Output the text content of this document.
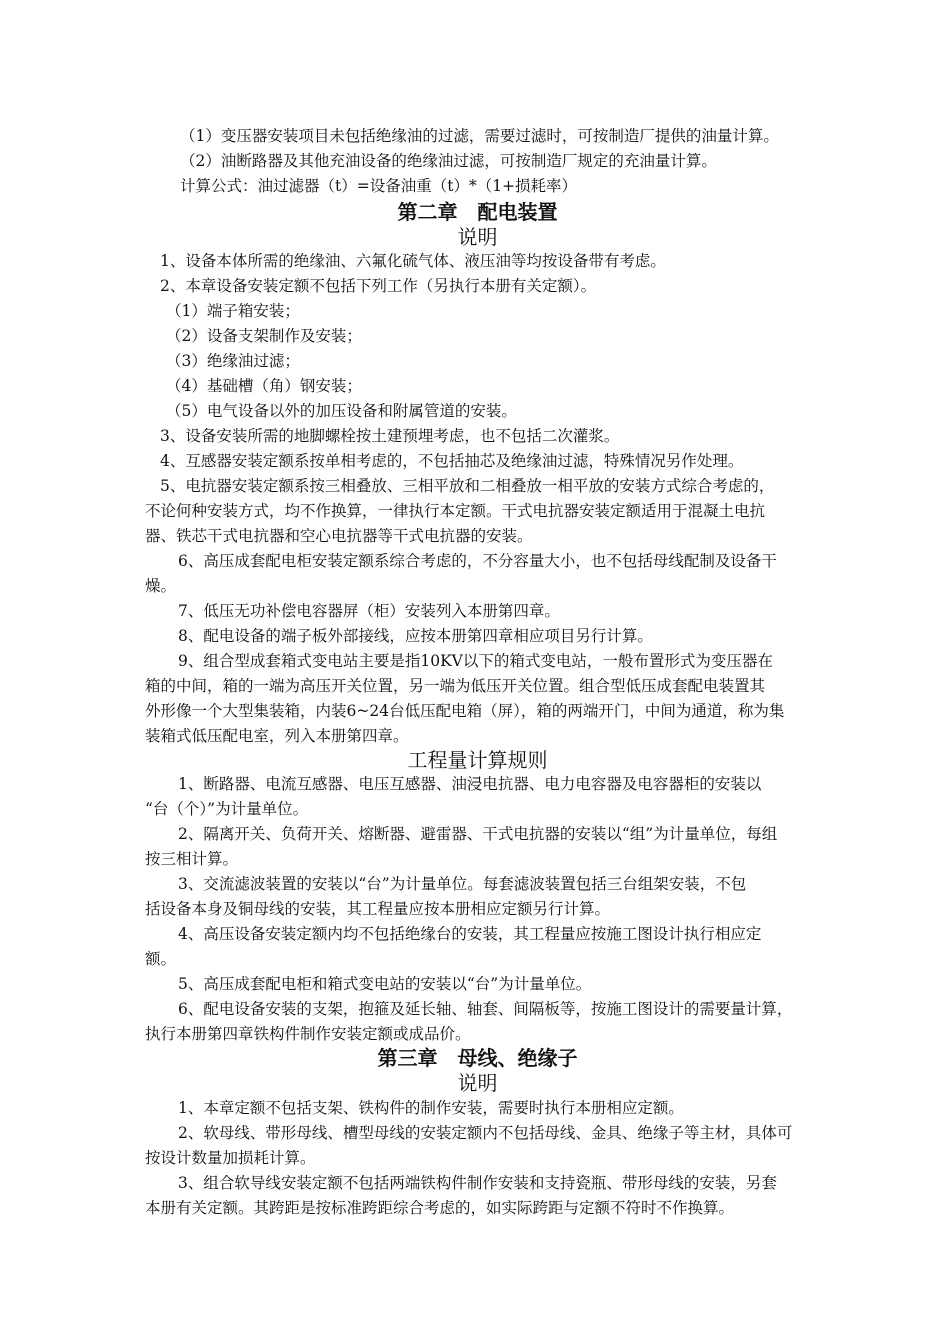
（1）变压器安装项目未包括绝缘油的过滤，需要过滤时，可按制造厂提供的油量计算。
（2）油断路器及其他充油设备的绝缘油过滤，可按制造厂规定的充油量计算。
计算公式：油过滤器（t）=设备油重（t）*（1+损耗率）
第二章　配电装置
说明
1、设备本体所需的绝缘油、六氟化硫气体、液压油等均按设备带有考虑。
2、本章设备安装定额不包括下列工作（另执行本册有关定额）。
（1）端子箱安装；
（2）设备支架制作及安装；
（3）绝缘油过滤；
（4）基础槽（角）钢安装；
（5）电气设备以外的加压设备和附属管道的安装。
3、设备安装所需的地脚螺栓按土建预埋考虑，也不包括二次灌浆。
4、互感器安装定额系按单相考虑的，不包括抽芯及绝缘油过滤，特殊情况另作处理。
5、电抗器安装定额系按三相叠放、三相平放和二相叠放一相平放的安装方式综合考虑的，
不论何种安装方式，均不作换算，一律执行本定额。干式电抗器安装定额适用于混凝土电抗
器、铁芯干式电抗器和空心电抗器等干式电抗器的安装。
6、高压成套配电柜安装定额系综合考虑的，不分容量大小，也不包括母线配制及设备干
燥。
7、低压无功补偿电容器屏（柜）安装列入本册第四章。
8、配电设备的端子板外部接线，应按本册第四章相应项目另行计算。
9、组合型成套箱式变电站主要是指10KV以下的箱式变电站，一般布置形式为变压器在
箱的中间，箱的一端为高压开关位置，另一端为低压开关位置。组合型低压成套配电装置其
外形像一个大型集装箱，内装6~24台低压配电箱（屏），箱的两端开门，中间为通道，称为集
装箱式低压配电室，列入本册第四章。
工程量计算规则
1、断路器、电流互感器、电压互感器、油浸电抗器、电力电容器及电容器柜的安装以
“台（个）”为计量单位。
2、隔离开关、负荷开关、熔断器、避雷器、干式电抗器的安装以“组”为计量单位，每组
按三相计算。
3、交流滤波装置的安装以“台”为计量单位。每套滤波装置包括三台组架安装，不包
括设备本身及铜母线的安装，其工程量应按本册相应定额另行计算。
4、高压设备安装定额内均不包括绝缘台的安装，其工程量应按施工图设计执行相应定
额。
5、高压成套配电柜和箱式变电站的安装以“台”为计量单位。
6、配电设备安装的支架，抱箍及延长轴、轴套、间隔板等，按施工图设计的需要量计算，
执行本册第四章铁构件制作安装定额或成品价。
第三章　母线、绝缘子
说明
1、本章定额不包括支架、铁构件的制作安装，需要时执行本册相应定额。
2、软母线、带形母线、槽型母线的安装定额内不包括母线、金具、绝缘子等主材，具体可
按设计数量加损耗计算。
3、组合软导线安装定额不包括两端铁构件制作安装和支持瓷瓶、带形母线的安装，另套
本册有关定额。其跨距是按标准跨距综合考虑的，如实际跨距与定额不符时不作换算。
